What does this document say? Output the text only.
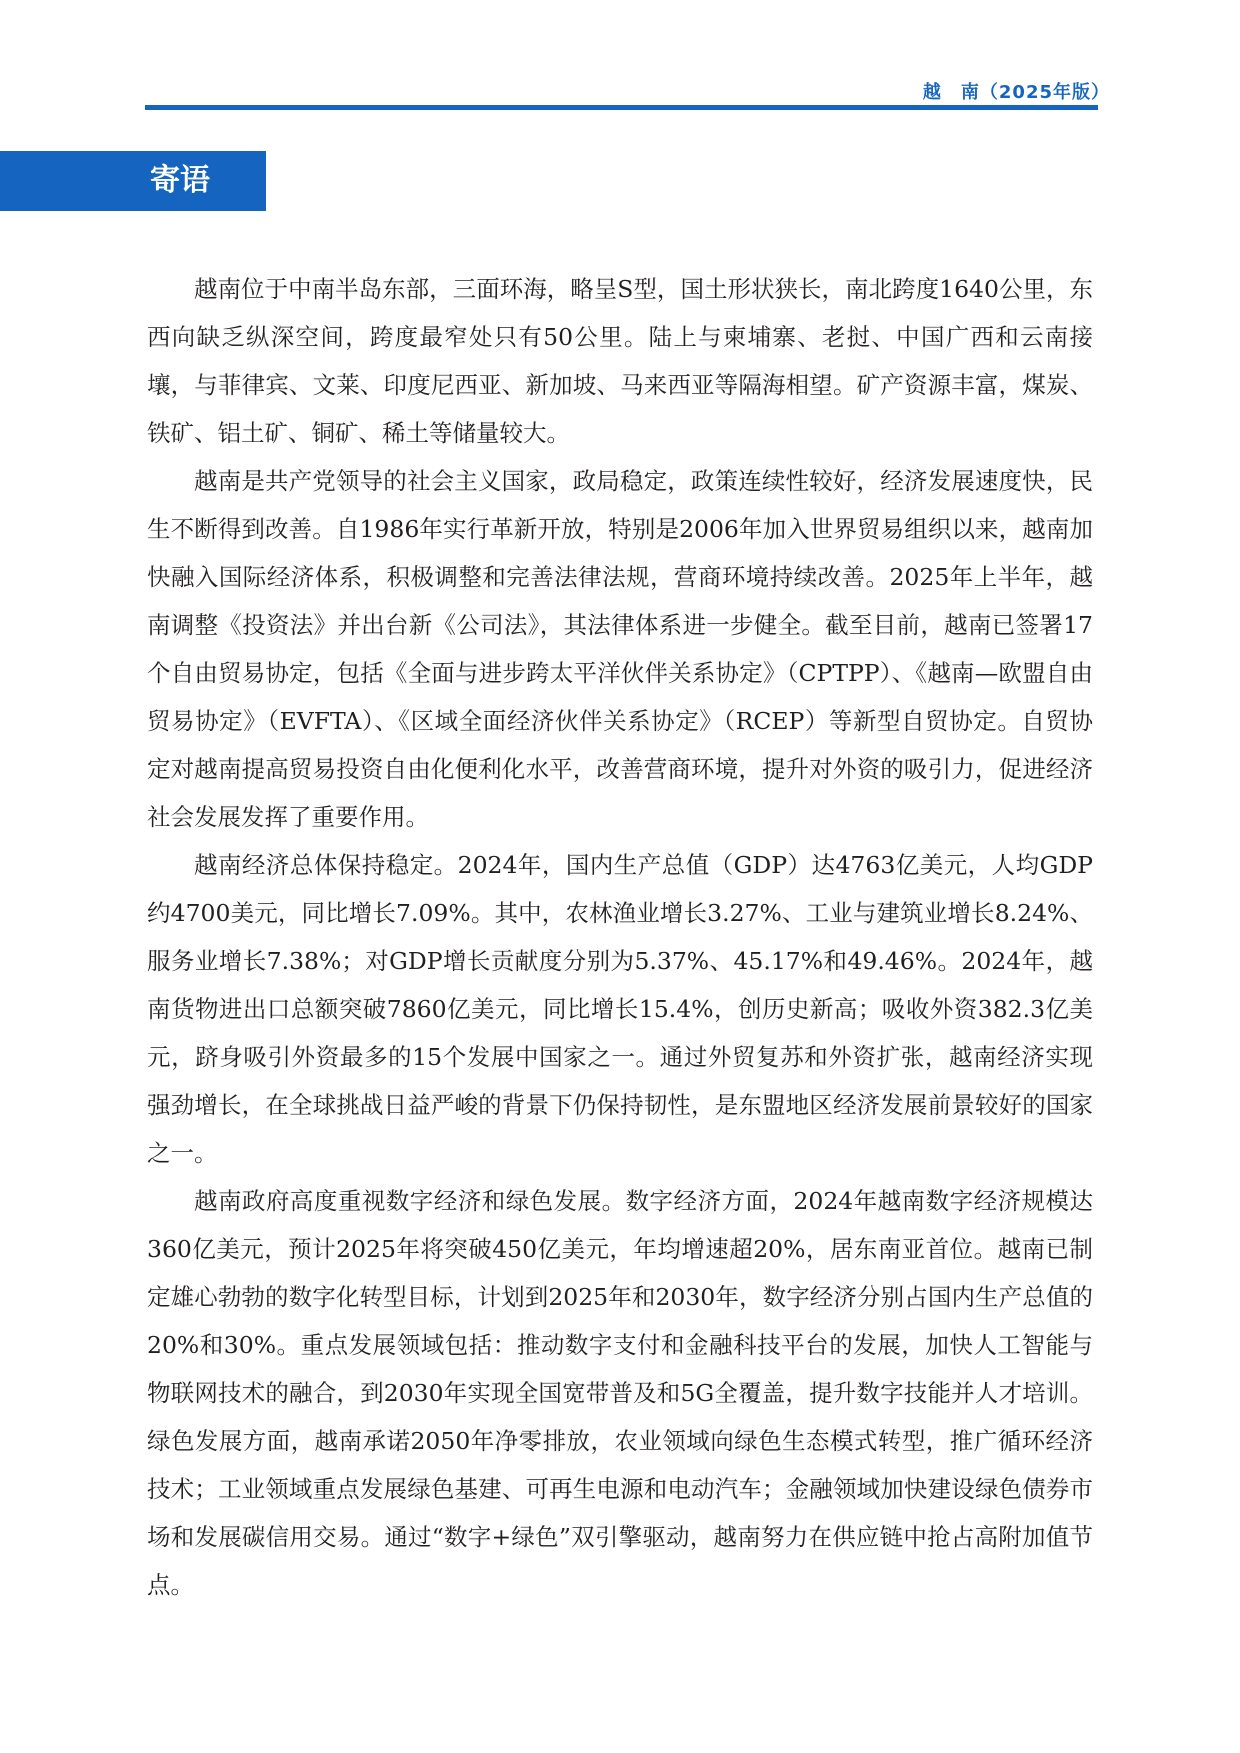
越　南（2025年版）
寄语

越南位于中南半岛东部，三面环海，略呈S型，国土形状狭长，南北跨度1640公里，东西向缺乏纵深空间，跨度最窄处只有50公里。陆上与柬埔寨、老挝、中国广西和云南接壤，与菲律宾、文莱、印度尼西亚、新加坡、马来西亚等隔海相望。矿产资源丰富，煤炭、铁矿、铝土矿、铜矿、稀土等储量较大。

越南是共产党领导的社会主义国家，政局稳定，政策连续性较好，经济发展速度快，民生不断得到改善。自1986年实行革新开放，特别是2006年加入世界贸易组织以来，越南加快融入国际经济体系，积极调整和完善法律法规，营商环境持续改善。2025年上半年，越南调整《投资法》并出台新《公司法》，其法律体系进一步健全。截至目前，越南已签署17个自由贸易协定，包括《全面与进步跨太平洋伙伴关系协定》（CPTPP）、《越南—欧盟自由贸易协定》（EVFTA）、《区域全面经济伙伴关系协定》（RCEP）等新型自贸协定。自贸协定对越南提高贸易投资自由化便利化水平，改善营商环境，提升对外资的吸引力，促进经济社会发展发挥了重要作用。

越南经济总体保持稳定。2024年，国内生产总值（GDP）达4763亿美元，人均GDP约4700美元，同比增长7.09%。其中，农林渔业增长3.27%、工业与建筑业增长8.24%、服务业增长7.38%；对GDP增长贡献度分别为5.37%、45.17%和49.46%。2024年，越南货物进出口总额突破7860亿美元，同比增长15.4%，创历史新高；吸收外资382.3亿美元，跻身吸引外资最多的15个发展中国家之一。通过外贸复苏和外资扩张，越南经济实现强劲增长，在全球挑战日益严峻的背景下仍保持韧性，是东盟地区经济发展前景较好的国家之一。

越南政府高度重视数字经济和绿色发展。数字经济方面，2024年越南数字经济规模达360亿美元，预计2025年将突破450亿美元，年均增速超20%，居东南亚首位。越南已制定雄心勃勃的数字化转型目标，计划到2025年和2030年，数字经济分别占国内生产总值的20%和30%。重点发展领域包括：推动数字支付和金融科技平台的发展，加快人工智能与物联网技术的融合，到2030年实现全国宽带普及和5G全覆盖，提升数字技能并人才培训。绿色发展方面，越南承诺2050年净零排放，农业领域向绿色生态模式转型，推广循环经济技术；工业领域重点发展绿色基建、可再生电源和电动汽车；金融领域加快建设绿色债券市场和发展碳信用交易。通过“数字+绿色”双引擎驱动，越南努力在供应链中抢占高附加值节点。
